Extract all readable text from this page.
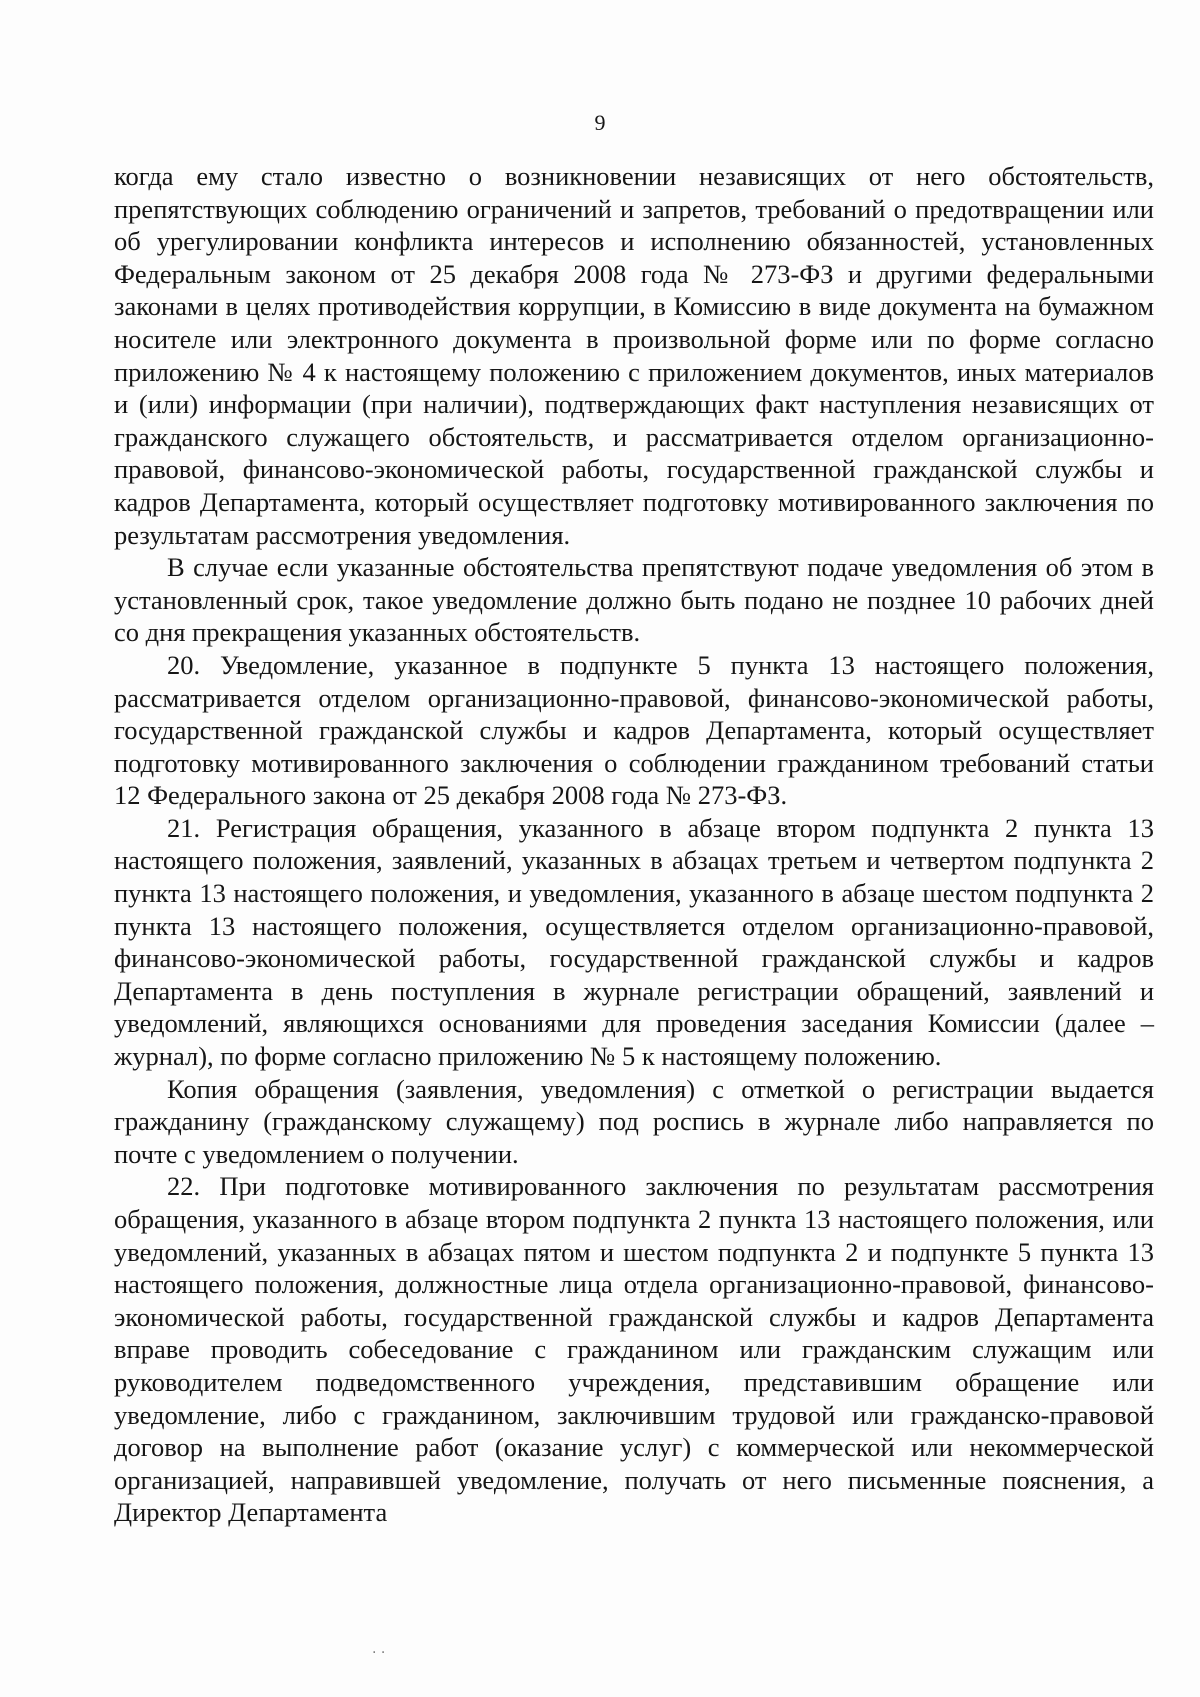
9

когда ему стало известно о возникновении независящих от него обстоятельств, препятствующих соблюдению ограничений и запретов, требований о предотвращении или об урегулировании конфликта интересов и исполнению обязанностей, установленных Федеральным законом от 25 декабря 2008 года № 273-ФЗ и другими федеральными законами в целях противодействия коррупции, в Комиссию в виде документа на бумажном носителе или электронного документа в произвольной форме или по форме согласно приложению № 4 к настоящему положению с приложением документов, иных материалов и (или) информации (при наличии), подтверждающих факт наступления независящих от гражданского служащего обстоятельств, и рассматривается отделом организационно-правовой, финансово-экономической работы, государственной гражданской службы и кадров Департамента, который осуществляет подготовку мотивированного заключения по результатам рассмотрения уведомления.

В случае если указанные обстоятельства препятствуют подаче уведомления об этом в установленный срок, такое уведомление должно быть подано не позднее 10 рабочих дней со дня прекращения указанных обстоятельств.

20. Уведомление, указанное в подпункте 5 пункта 13 настоящего положения, рассматривается отделом организационно-правовой, финансово-экономической работы, государственной гражданской службы и кадров Департамента, который осуществляет подготовку мотивированного заключения о соблюдении гражданином требований статьи 12 Федерального закона от 25 декабря 2008 года № 273-ФЗ.

21. Регистрация обращения, указанного в абзаце втором подпункта 2 пункта 13 настоящего положения, заявлений, указанных в абзацах третьем и четвертом подпункта 2 пункта 13 настоящего положения, и уведомления, указанного в абзаце шестом подпункта 2 пункта 13 настоящего положения, осуществляется отделом организационно-правовой, финансово-экономической работы, государственной гражданской службы и кадров Департамента в день поступления в журнале регистрации обращений, заявлений и уведомлений, являющихся основаниями для проведения заседания Комиссии (далее – журнал), по форме согласно приложению № 5 к настоящему положению.

Копия обращения (заявления, уведомления) с отметкой о регистрации выдается гражданину (гражданскому служащему) под роспись в журнале либо направляется по почте с уведомлением о получении.

22. При подготовке мотивированного заключения по результатам рассмотрения обращения, указанного в абзаце втором подпункта 2 пункта 13 настоящего положения, или уведомлений, указанных в абзацах пятом и шестом подпункта 2 и подпункте 5 пункта 13 настоящего положения, должностные лица отдела организационно-правовой, финансово-экономической работы, государственной гражданской службы и кадров Департамента вправе проводить собеседование с гражданином или гражданским служащим или руководителем подведомственного учреждения, представившим обращение или уведомление, либо с гражданином, заключившим трудовой или гражданско-правовой договор на выполнение работ (оказание услуг) с коммерческой или некоммерческой организацией, направившей уведомление, получать от него письменные пояснения, а Директор Департамента

· ·
